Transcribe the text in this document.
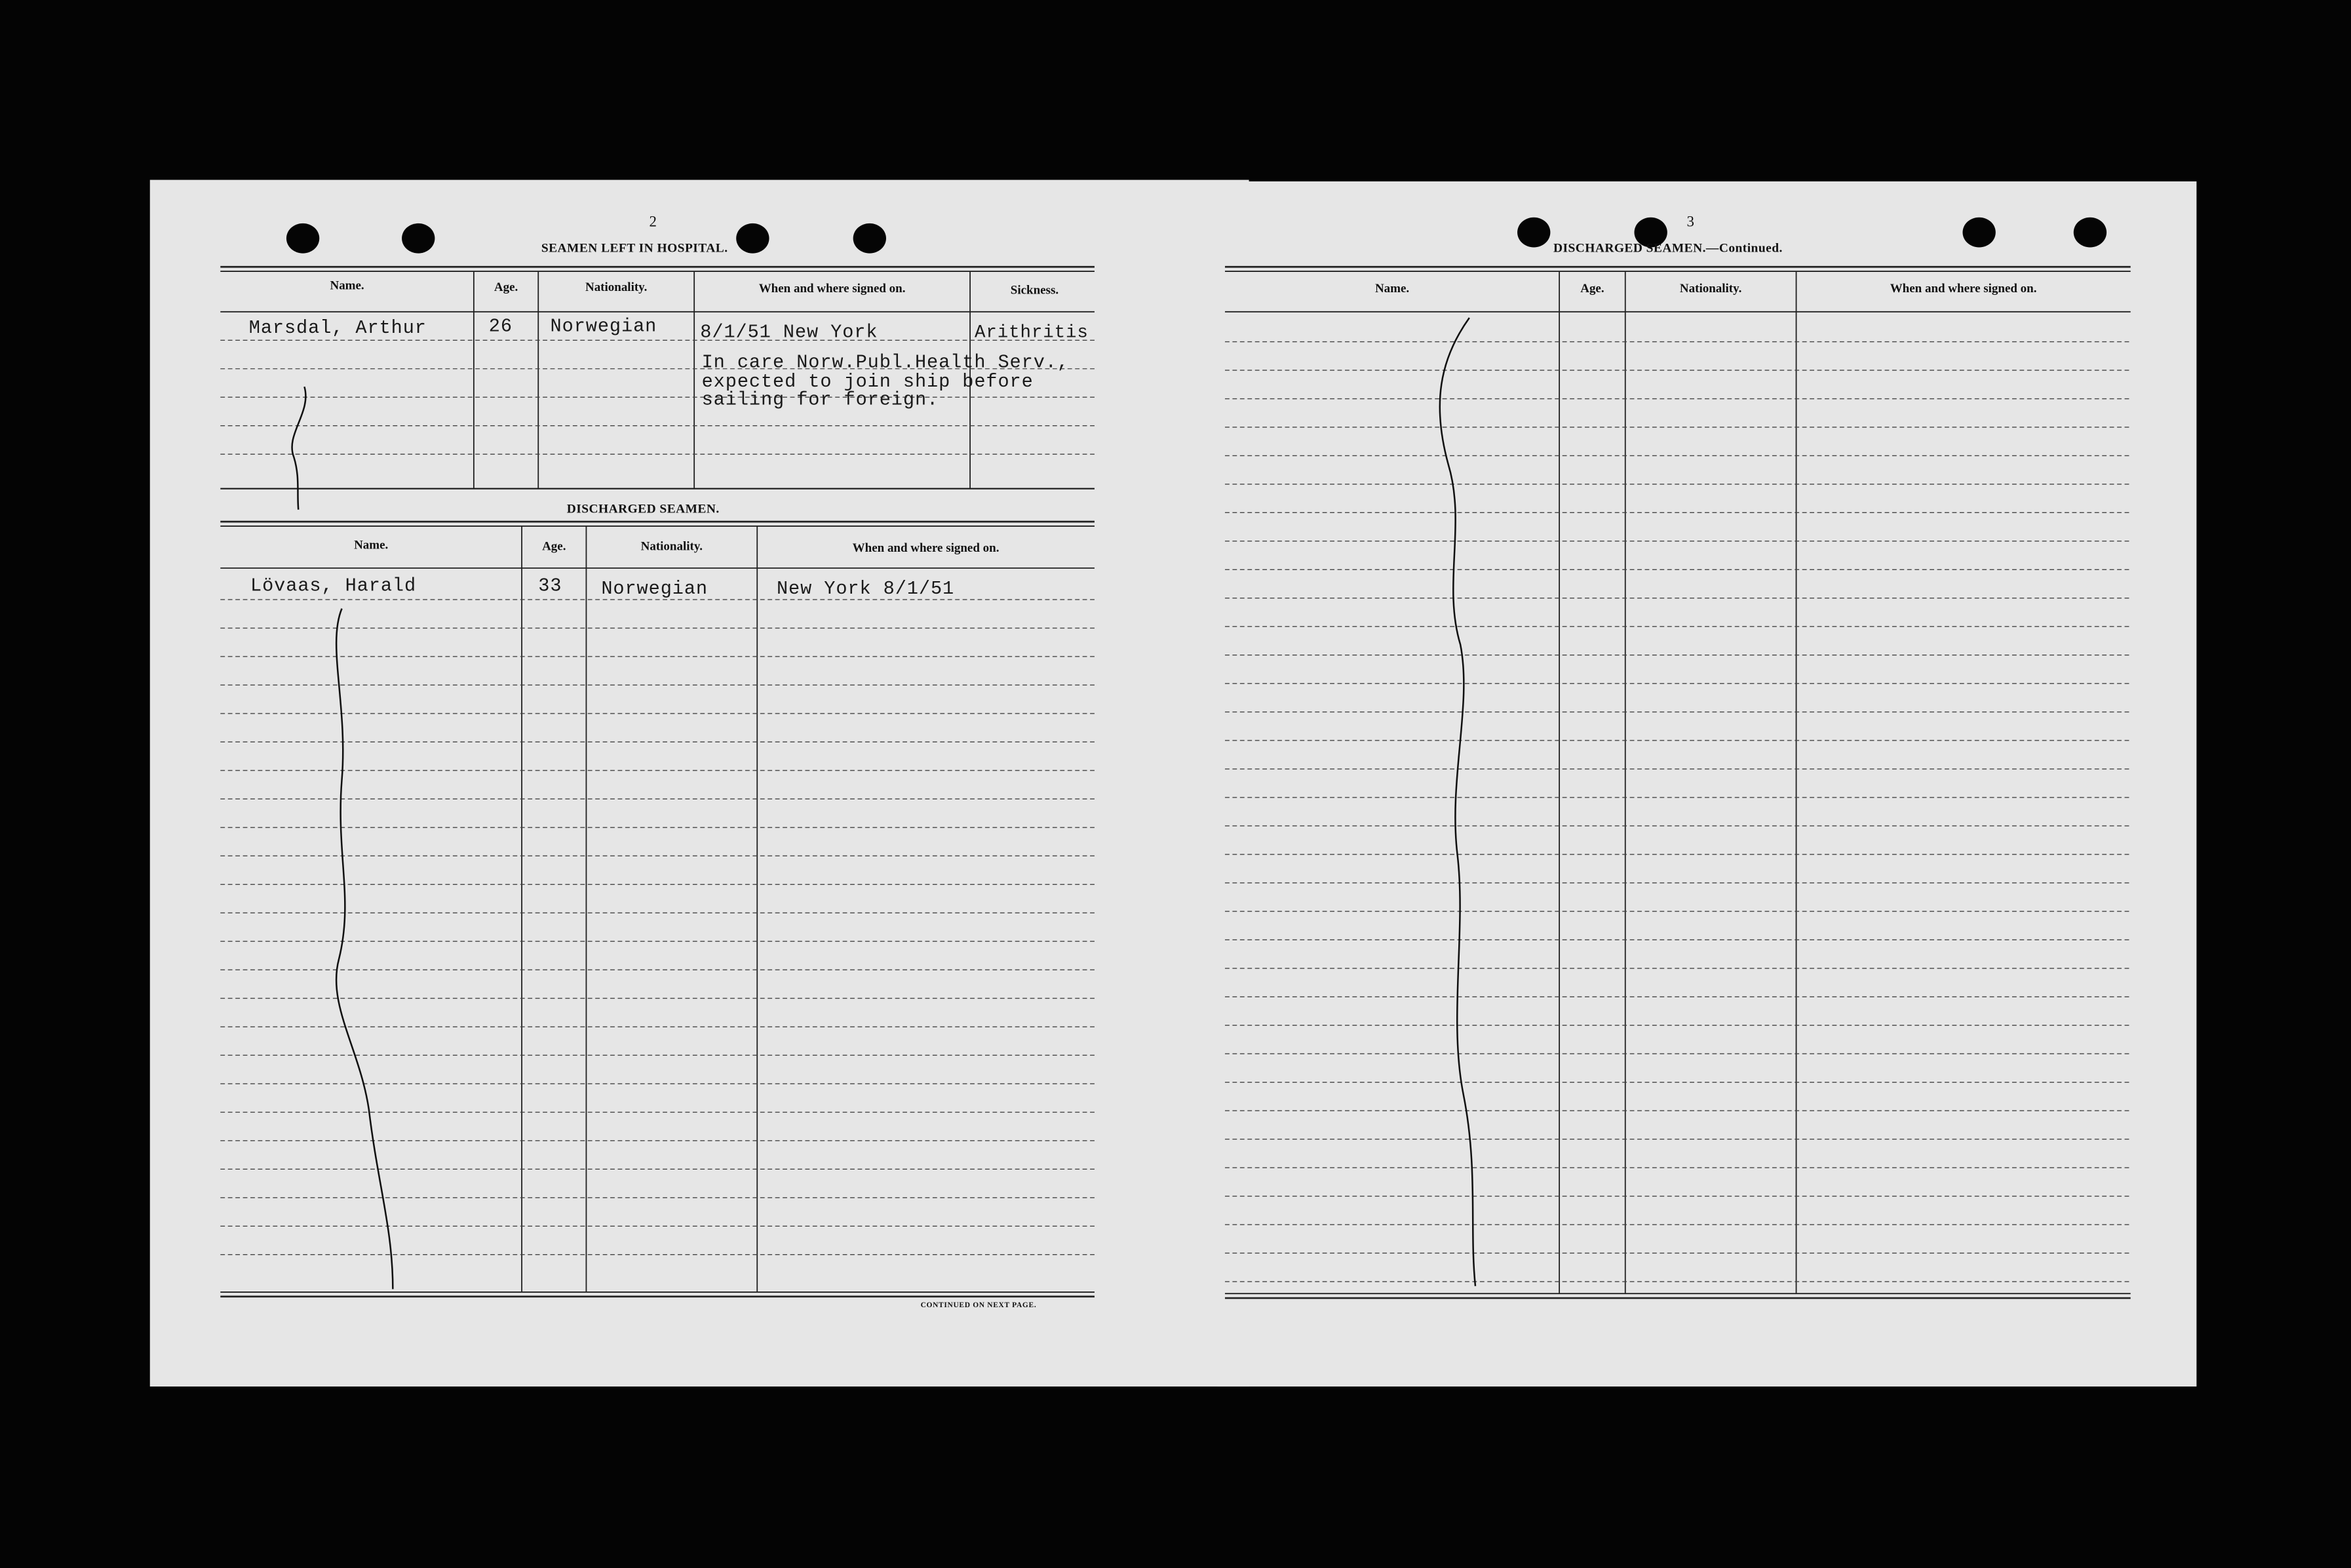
2
SEAMEN LEFT IN HOSPITAL.
Name.	Age.	Nationality.	When and where signed on.	Sickness.
Marsdal, Arthur	26	Norwegian	8/1/51 New York	Arithritis
In care Norw.Publ.Health Serv.,
expected to join ship before
sailing for foreign.
DISCHARGED SEAMEN.
Name.	Age.	Nationality.	When and where signed on.
Lövaas, Harald	33	Norwegian	New York 8/1/51
CONTINUED ON NEXT PAGE.
3
DISCHARGED SEAMEN.—Continued.
Name.	Age.	Nationality.	When and where signed on.
